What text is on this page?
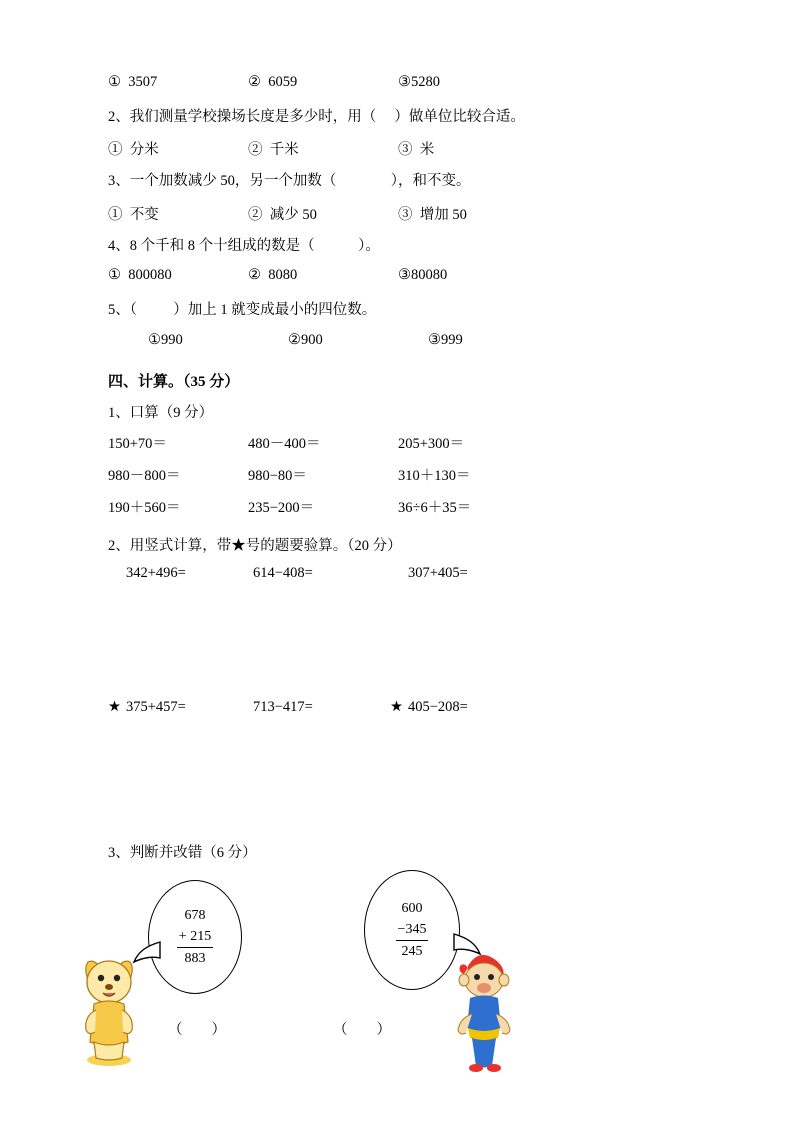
①  3507	②  6059	③5280
2、我们测量学校操场长度是多少时，用（     ）做单位比较合适。
①  分米	②  千米	③  米
3、一个加数减少 50，另一个加数（               ），和不变。
①  不变	②  减少 50	③  增加 50
4、8 个千和 8 个十组成的数是（            ）。
①  800080	②  8080	③80080
5、（          ）加上 1 就变成最小的四位数。
①990	②900	③999
四、计算。（35 分）
1、口算（9 分）
150+70＝	480－400＝	205+300＝
980－800＝	980−80＝	310＋130＝
190＋560＝	235−200＝	36÷6＋35＝
2、用竖式计算，带★号的题要验算。（20 分）
342+496=	614−408=	307+405=
★ 375+457=	713−417=	★ 405−208=
3、判断并改错（6 分）
678
+ 215
883
（        ）
600
−345
245
（        ）
